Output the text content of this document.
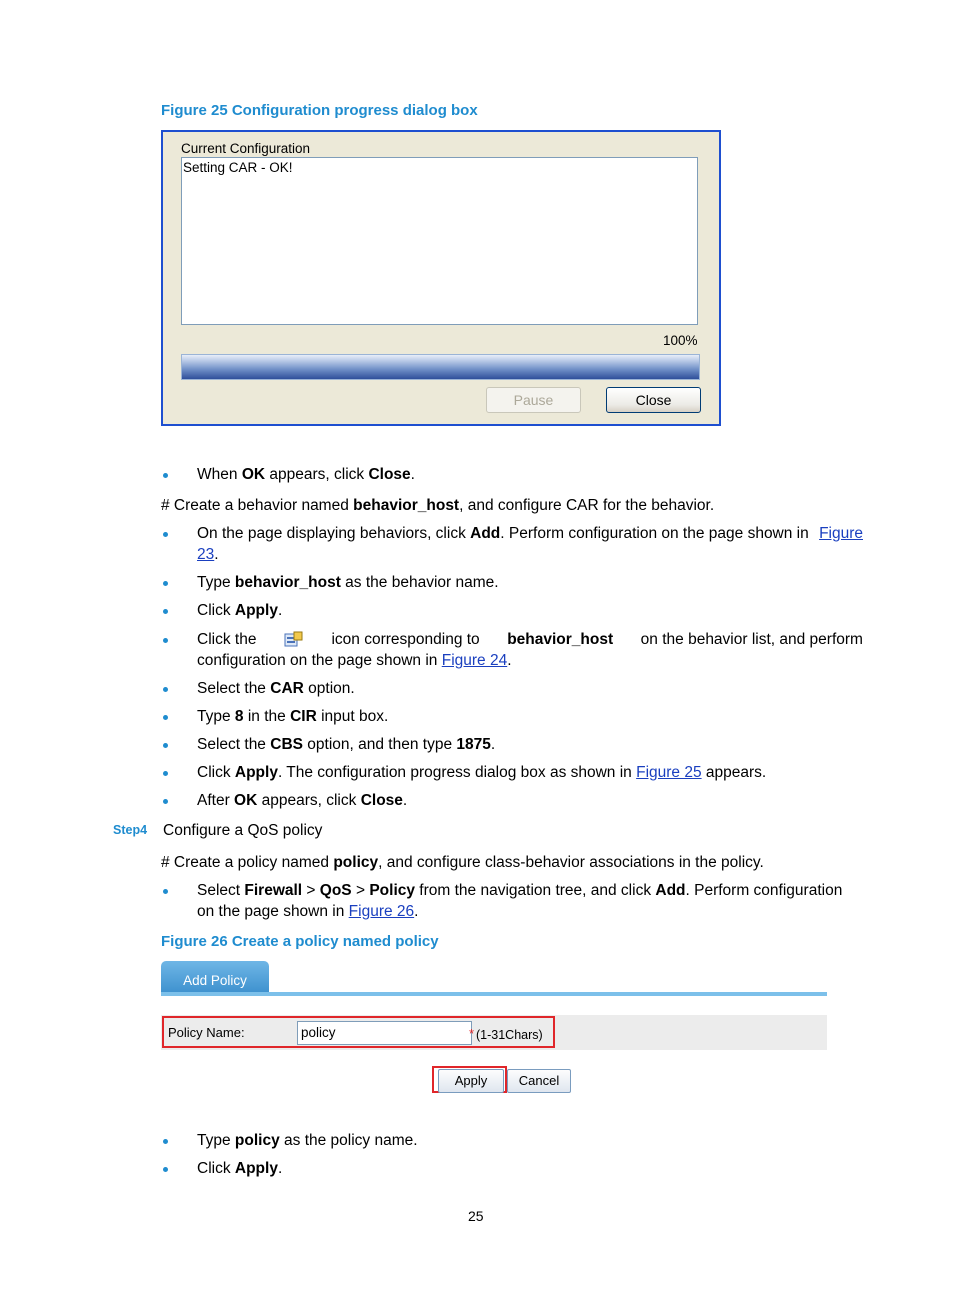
Figure 25 Configuration progress dialog box
Current Configuration
Setting CAR - OK!
100%
Pause	Close
When OK appears, click Close.
# Create a behavior named behavior_host, and configure CAR for the behavior.
On the page displaying behaviors, click Add. Perform configuration on the page shown in Figure
23.
Type behavior_host as the behavior name.
Click Apply.
Click the	icon corresponding to behavior_host on the behavior list, and perform
configuration on the page shown in Figure 24.
Select the CAR option.
Type 8 in the CIR input box.
Select the CBS option, and then type 1875.
Click Apply. The configuration progress dialog box as shown in Figure 25 appears.
After OK appears, click Close.
Step4 Configure a QoS policy
# Create a policy named policy, and configure class-behavior associations in the policy.
Select Firewall > QoS > Policy from the navigation tree, and click Add. Perform configuration
on the page shown in Figure 26.
Figure 26 Create a policy named policy
Add Policy
Policy Name:	policy	* (1-31Chars)
Apply	Cancel
Type policy as the policy name.
Click Apply.
25
